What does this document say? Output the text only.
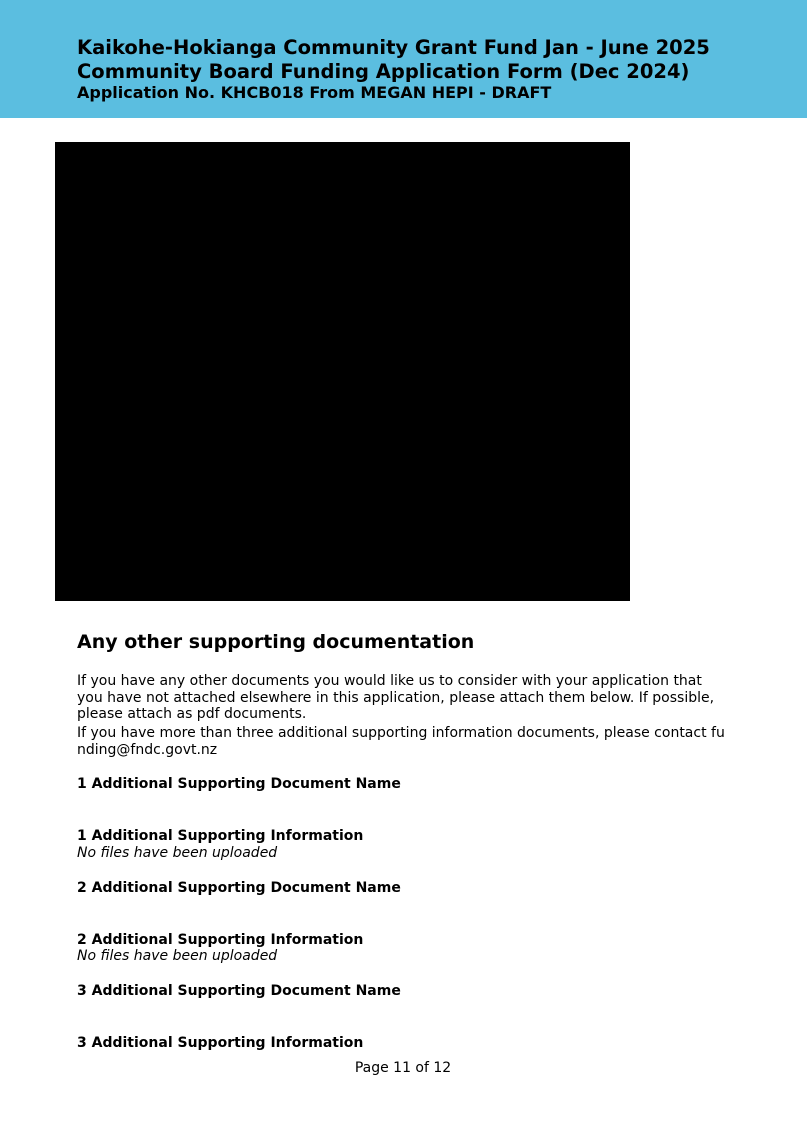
Kaikohe-Hokianga Community Grant Fund Jan - June 2025
Community Board Funding Application Form (Dec 2024)
Application No. KHCB018 From MEGAN HEPI - DRAFT
Any other supporting documentation

If you have any other documents you would like us to consider with your application that
you have not attached elsewhere in this application, please attach them below. If possible,
please attach as pdf documents.

If you have more than three additional supporting information documents, please contact fu
nding@fndc.govt.nz

1 Additional Supporting Document Name
1 Additional Supporting Information
No files have been uploaded
2 Additional Supporting Document Name
2 Additional Supporting Information
No files have been uploaded
3 Additional Supporting Document Name
3 Additional Supporting Information

Page 11 of 12
